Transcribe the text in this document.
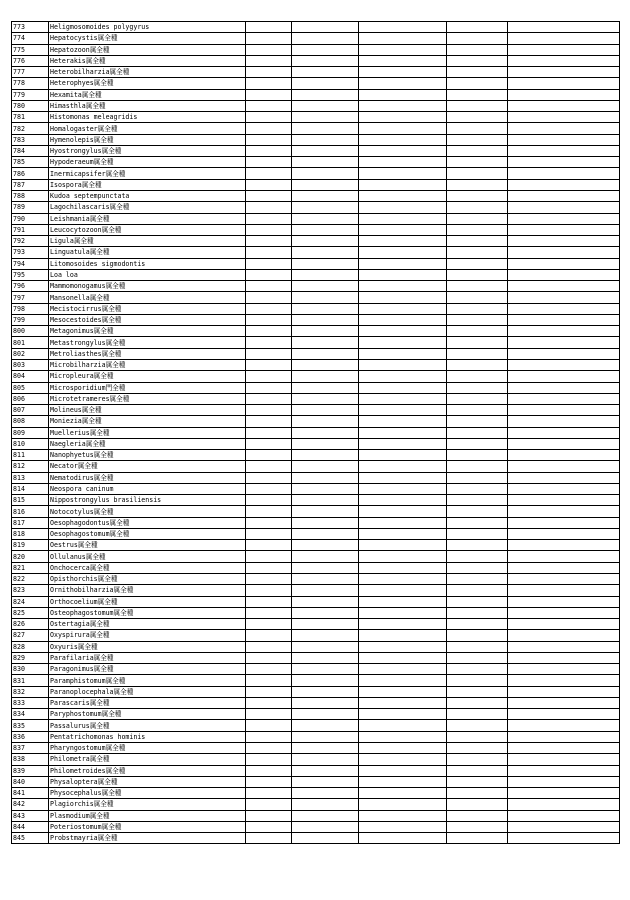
773	Heligmosomoides polygyrus					
774	Hepatocystis属全種					
775	Hepatozoon属全種					
776	Heterakis属全種					
777	Heterobilharzia属全種					
778	Heterophyes属全種					
779	Hexamita属全種					
780	Himasthla属全種					
781	Histomonas meleagridis					
782	Homalogaster属全種					
783	Hymenolepis属全種					
784	Hyostrongylus属全種					
785	Hypoderaeum属全種					
786	Inermicapsifer属全種					
787	Isospora属全種					
788	Kudoa septempunctata					
789	Lagochilascaris属全種					
790	Leishmania属全種					
791	Leucocytozoon属全種					
792	Ligula属全種					
793	Linguatula属全種					
794	Litomosoides sigmodontis					
795	Loa loa					
796	Mammomonogamus属全種					
797	Mansonella属全種					
798	Mecistocirrus属全種					
799	Mesocestoides属全種					
800	Metagonimus属全種					
801	Metastrongylus属全種					
802	Metroliasthes属全種					
803	Microbilharzia属全種					
804	Micropleura属全種					
805	Microsporidium門全種					
806	Microtetrameres属全種					
807	Molineus属全種					
808	Moniezia属全種					
809	Muellerius属全種					
810	Naegleria属全種					
811	Nanophyetus属全種					
812	Necator属全種					
813	Nematodirus属全種					
814	Neospora caninum					
815	Nippostrongylus brasiliensis					
816	Notocotylus属全種					
817	Oesophagodontus属全種					
818	Oesophagostomum属全種					
819	Oestrus属全種					
820	Ollulanus属全種					
821	Onchocerca属全種					
822	Opisthorchis属全種					
823	Ornithobilharzia属全種					
824	Orthocoelium属全種					
825	Osteophagostomum属全種					
826	Ostertagia属全種					
827	Oxyspirura属全種					
828	Oxyuris属全種					
829	Parafilaria属全種					
830	Paragonimus属全種					
831	Paramphistomum属全種					
832	Paranoplocephala属全種					
833	Parascaris属全種					
834	Paryphostomum属全種					
835	Passalurus属全種					
836	Pentatrichomonas hominis					
837	Pharyngostomum属全種					
838	Philometra属全種					
839	Philometroides属全種					
840	Physaloptera属全種					
841	Physocephalus属全種					
842	Plagiorchis属全種					
843	Plasmodium属全種					
844	Poteriostomum属全種					
845	Probstmayria属全種					
